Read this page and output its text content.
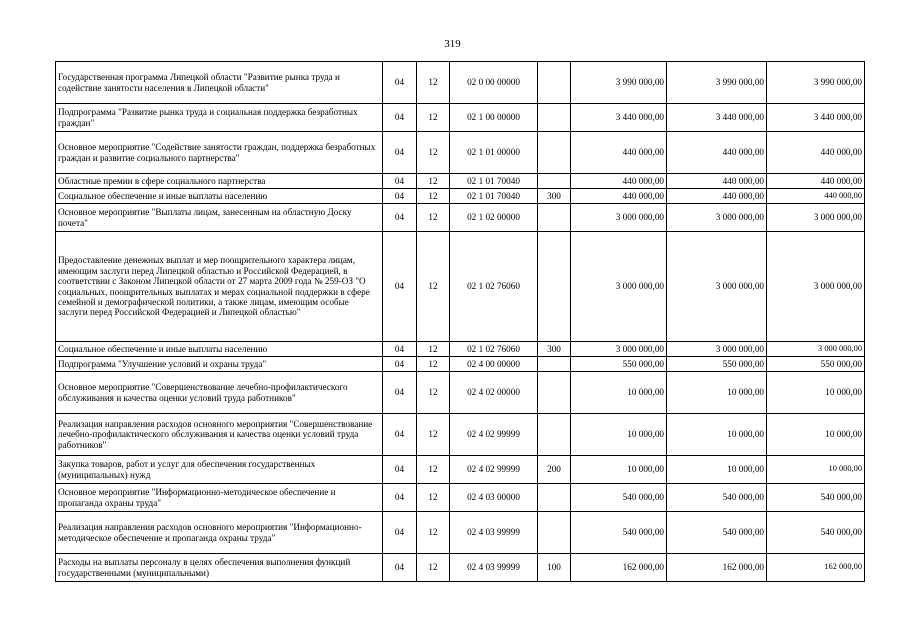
319
Государственная программа Липецкой области "Развитие рынка труда и содействие занятости населения в Липецкой области"	04	12	02 0 00 00000		3 990 000,00	3 990 000,00	3 990 000,00
Подпрограмма "Развитие рынка труда и социальная поддержка безработных граждан"	04	12	02 1 00 00000		3 440 000,00	3 440 000,00	3 440 000,00
Основное мероприятие "Содействие занятости граждан, поддержка безработных граждан и развитие социального партнерства"	04	12	02 1 01 00000		440 000,00	440 000,00	440 000,00
Областные премии в сфере социального партнерства	04	12	02 1 01 70040		440 000,00	440 000,00	440 000,00
Социальное обеспечение и иные выплаты населению	04	12	02 1 01 70040	300	440 000,00	440 000,00	440 000,00
Основное мероприятие "Выплаты лицам, занесенным на областную Доску почета"	04	12	02 1 02 00000		3 000 000,00	3 000 000,00	3 000 000,00
Предоставление денежных выплат и мер поощрительного характера лицам, имеющим заслуги перед Липецкой областью и Российской Федерацией, в соответствии с Законом Липецкой области от 27 марта 2009 года № 259-ОЗ "О социальных, поощрительных выплатах и мерах социальной поддержки в сфере семейной и демографической политики, а также лицам, имеющим особые заслуги перед Российской Федерацией и Липецкой областью"	04	12	02 1 02 76060		3 000 000,00	3 000 000,00	3 000 000,00
Социальное обеспечение и иные выплаты населению	04	12	02 1 02 76060	300	3 000 000,00	3 000 000,00	3 000 000,00
Подпрограмма "Улучшение условий и охраны труда"	04	12	02 4 00 00000		550 000,00	550 000,00	550 000,00
Основное мероприятие "Совершенствование лечебно-профилактического обслуживания и качества оценки условий труда работников"	04	12	02 4 02 00000		10 000,00	10 000,00	10 000,00
Реализация направления расходов основного мероприятия "Совершенствование лечебно-профилактического обслуживания и качества оценки условий труда работников"	04	12	02 4 02 99999		10 000,00	10 000,00	10 000,00
Закупка товаров, работ и услуг для обеспечения государственных (муниципальных) нужд	04	12	02 4 02 99999	200	10 000,00	10 000,00	10 000,00
Основное мероприятие "Информационно-методическое обеспечение и пропаганда охраны труда"	04	12	02 4 03 00000		540 000,00	540 000,00	540 000,00
Реализация направления расходов основного мероприятия "Информационно-методическое обеспечение и пропаганда охраны труда"	04	12	02 4 03 99999		540 000,00	540 000,00	540 000,00
Расходы на выплаты персоналу в целях обеспечения выполнения функций государственными (муниципальными)	04	12	02 4 03 99999	100	162 000,00	162 000,00	162 000,00
